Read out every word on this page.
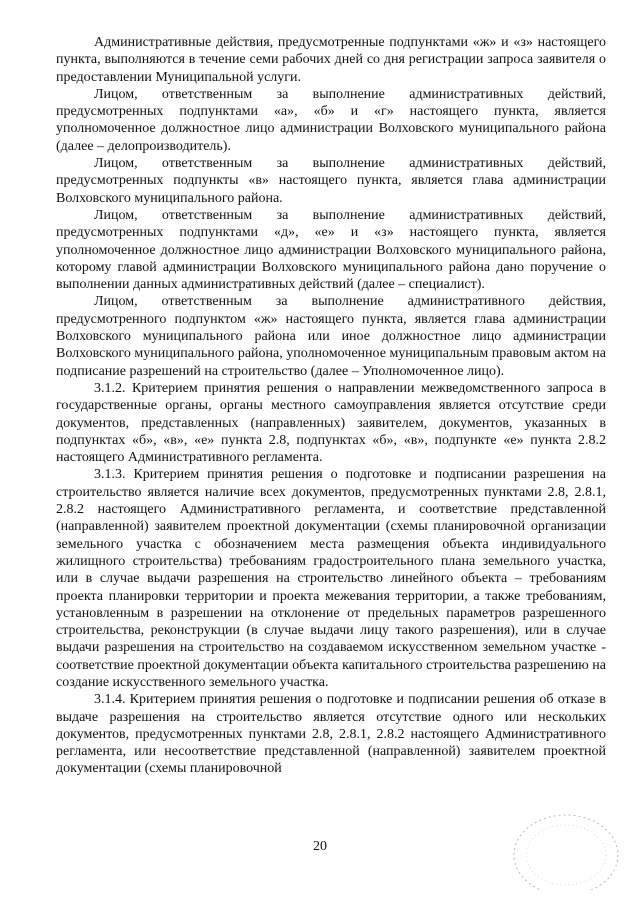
Административные действия, предусмотренные подпунктами «ж» и «з» настоящего пункта, выполняются в течение семи рабочих дней со дня регистрации запроса заявителя о предоставлении Муниципальной услуги.

Лицом, ответственным за выполнение административных действий, предусмотренных подпунктами «а», «б» и «г» настоящего пункта, является уполномоченное должностное лицо администрации Волховского муниципального района (далее – делопроизводитель).

Лицом, ответственным за выполнение административных действий, предусмотренных подпункты «в» настоящего пункта, является глава администрации Волховского муниципального района.

Лицом, ответственным за выполнение административных действий, предусмотренных подпунктами «д», «е» и «з» настоящего пункта, является уполномоченное должностное лицо администрации Волховского муниципального района, которому главой администрации Волховского муниципального района дано поручение о выполнении данных административных действий (далее – специалист).

Лицом, ответственным за выполнение административного действия, предусмотренного подпунктом «ж» настоящего пункта, является глава администрации Волховского муниципального района или иное должностное лицо администрации Волховского муниципального района, уполномоченное муниципальным правовым актом на подписание разрешений на строительство (далее – Уполномоченное лицо).

3.1.2. Критерием принятия решения о направлении межведомственного запроса в государственные органы, органы местного самоуправления является отсутствие среди документов, представленных (направленных) заявителем, документов, указанных в подпунктах «б», «в», «е» пункта 2.8, подпунктах «б», «в», подпункте «е» пункта 2.8.2 настоящего Административного регламента.

3.1.3. Критерием принятия решения о подготовке и подписании разрешения на строительство является наличие всех документов, предусмотренных пунктами 2.8, 2.8.1, 2.8.2 настоящего Административного регламента, и соответствие представленной (направленной) заявителем проектной документации (схемы планировочной организации земельного участка с обозначением места размещения объекта индивидуального жилищного строительства) требованиям градостроительного плана земельного участка, или в случае выдачи разрешения на строительство линейного объекта – требованиям проекта планировки территории и проекта межевания территории, а также требованиям, установленным в разрешении на отклонение от предельных параметров разрешенного строительства, реконструкции (в случае выдачи лицу такого разрешения), или в случае выдачи разрешения на строительство на создаваемом искусственном земельном участке - соответствие проектной документации объекта капитального строительства разрешению на создание искусственного земельного участка.

3.1.4. Критерием принятия решения о подготовке и подписании решения об отказе в выдаче разрешения на строительство является отсутствие одного или нескольких документов, предусмотренных пунктами 2.8, 2.8.1, 2.8.2 настоящего Административного регламента, или несоответствие представленной (направленной) заявителем проектной документации (схемы планировочной

20
